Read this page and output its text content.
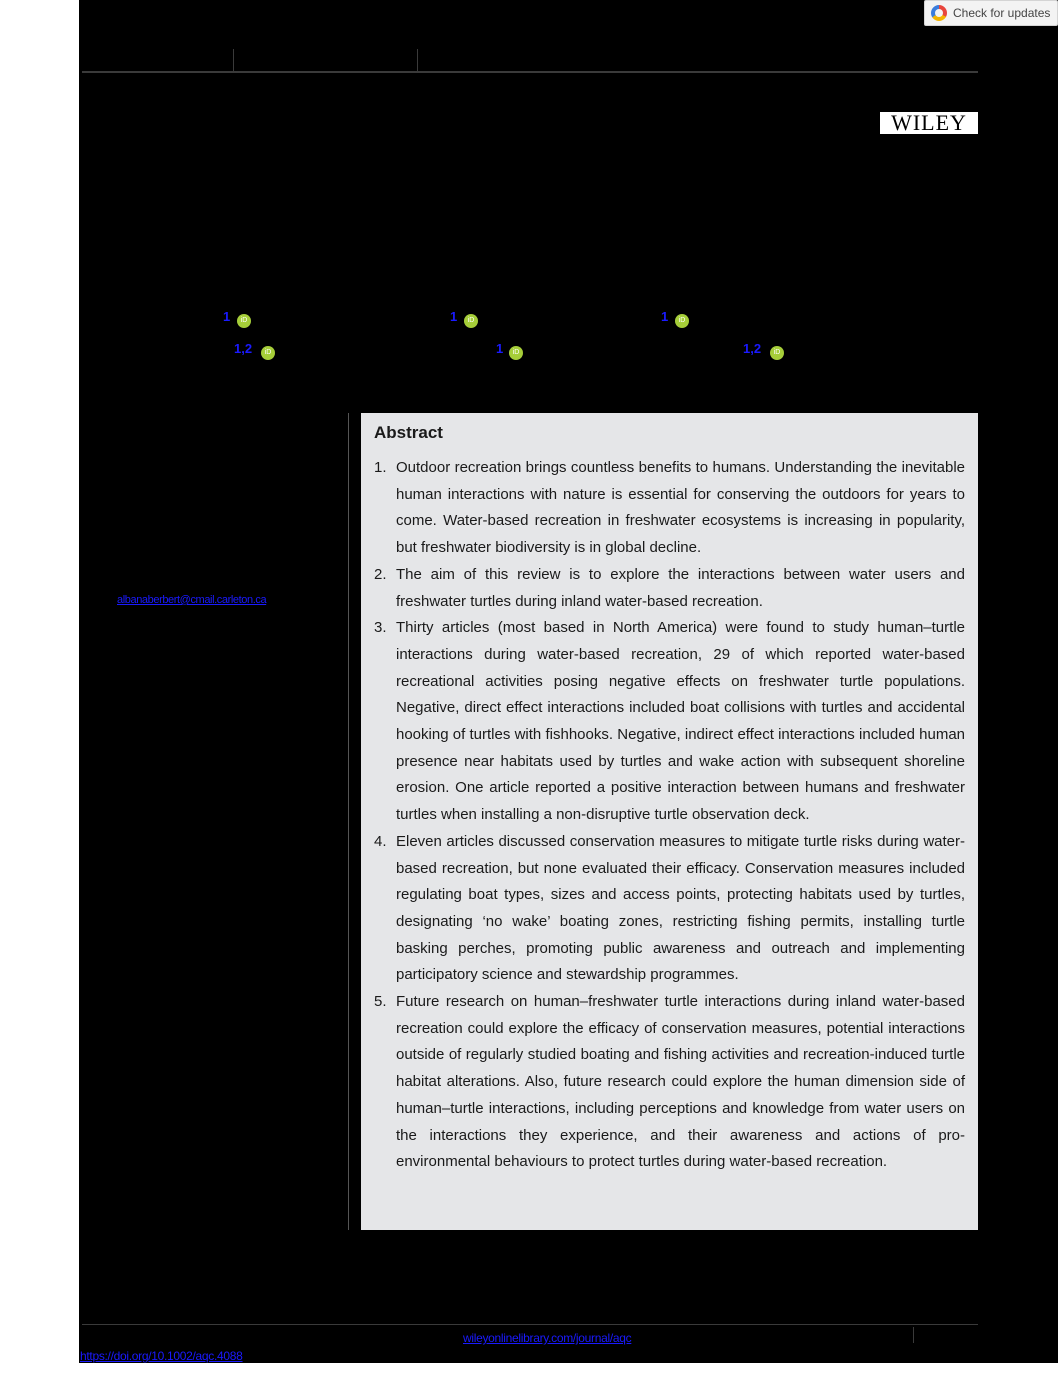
Check for updates
WILEY
1	iD	1	iD	1	iD
1,2	iD	1	iD	1,2	iD
albanaberbert@cmail.carleton.ca
Abstract
1. Outdoor recreation brings countless benefits to humans. Understanding the inevitable human interactions with nature is essential for conserving the outdoors for years to come. Water-based recreation in freshwater ecosystems is increasing in popularity, but freshwater biodiversity is in global decline.
2. The aim of this review is to explore the interactions between water users and freshwater turtles during inland water-based recreation.
3. Thirty articles (most based in North America) were found to study human–turtle interactions during water-based recreation, 29 of which reported water-based recreational activities posing negative effects on freshwater turtle populations. Negative, direct effect interactions included boat collisions with turtles and accidental hooking of turtles with fishhooks. Negative, indirect effect interactions included human presence near habitats used by turtles and wake action with subsequent shoreline erosion. One article reported a positive interaction between humans and freshwater turtles when installing a non-disruptive turtle observation deck.
4. Eleven articles discussed conservation measures to mitigate turtle risks during water-based recreation, but none evaluated their efficacy. Conservation measures included regulating boat types, sizes and access points, protecting habitats used by turtles, designating ‘no wake’ boating zones, restricting fishing permits, installing turtle basking perches, promoting public awareness and outreach and implementing participatory science and stewardship programmes.
5. Future research on human–freshwater turtle interactions during inland water-based recreation could explore the efficacy of conservation measures, potential interactions outside of regularly studied boating and fishing activities and recreation-induced turtle habitat alterations. Also, future research could explore the human dimension side of human–turtle interactions, including perceptions and knowledge from water users on the interactions they experience, and their awareness and actions of pro-environmental behaviours to protect turtles during water-based recreation.
wileyonlinelibrary.com/journal/aqc
https://doi.org/10.1002/aqc.4088
